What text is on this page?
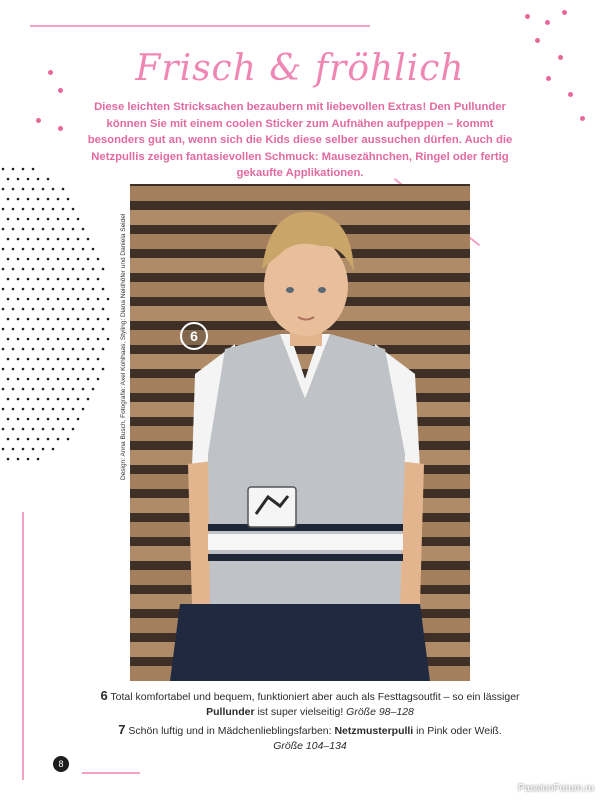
Frisch & fröhlich
Diese leichten Stricksachen bezaubern mit liebevollen Extras! Den Pullunder können Sie mit einem coolen Sticker zum Aufnähen aufpeppen – kommt besonders gut an, wenn sich die Kids diese selber aussuchen dürfen. Auch die Netzpullis zeigen fantasievollen Schmuck: Mausezähnchen, Ringel oder fertig gekaufte Applikationen.
6
Design: Anna Busch, Fotografie: Axel Kohlhaas, Styling: Diana Neidhöfer und Daniela Seidel
6 Total komfortabel und bequem, funktioniert aber auch als Festtagsoutfit – so ein lässiger Pullunder ist super vielseitig! Größe 98–128
7 Schön luftig und in Mädchenlieblingsfarben: Netzmusterpulli in Pink oder Weiß.
Größe 104–134
8
PassionForum.ru
